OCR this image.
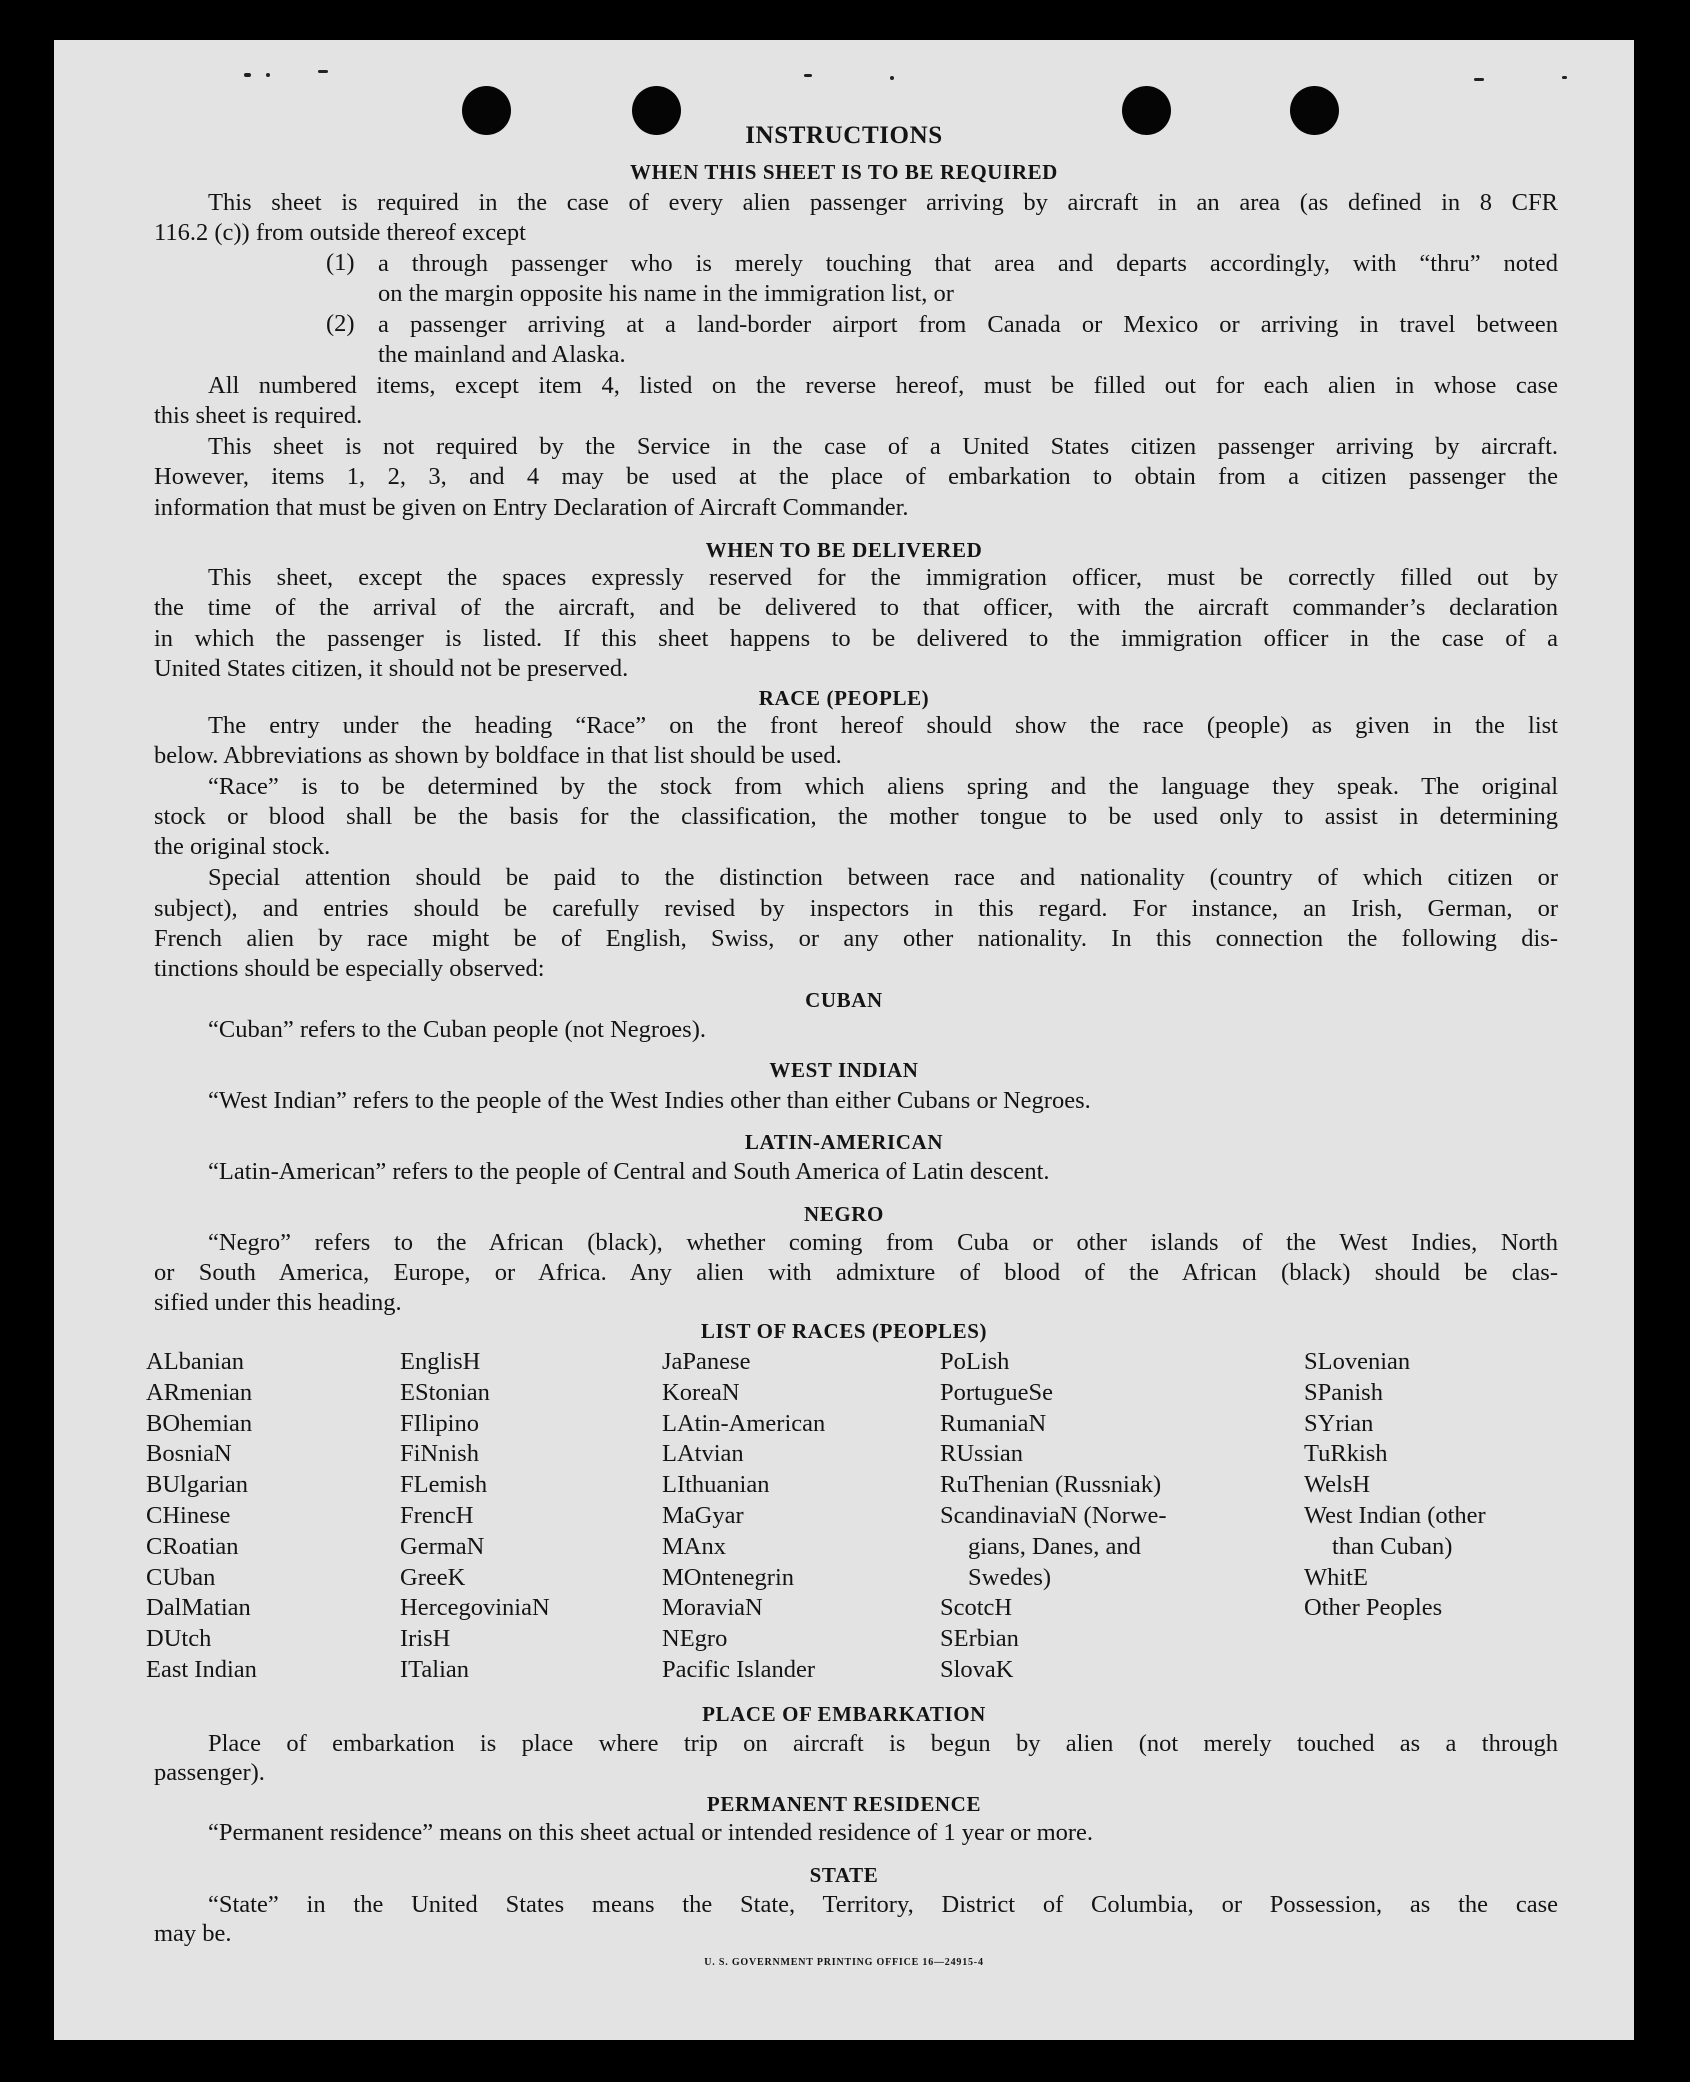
INSTRUCTIONS
WHEN THIS SHEET IS TO BE REQUIRED
This sheet is required in the case of every alien passenger arriving by aircraft in an area (as defined in 8 CFR
116.2 (c)) from outside thereof except
(1) a through passenger who is merely touching that area and departs accordingly, with “thru” noted
on the margin opposite his name in the immigration list, or
(2) a passenger arriving at a land-border airport from Canada or Mexico or arriving in travel between
the mainland and Alaska.
All numbered items, except item 4, listed on the reverse hereof, must be filled out for each alien in whose case
this sheet is required.
This sheet is not required by the Service in the case of a United States citizen passenger arriving by aircraft.
However, items 1, 2, 3, and 4 may be used at the place of embarkation to obtain from a citizen passenger the
information that must be given on Entry Declaration of Aircraft Commander.
WHEN TO BE DELIVERED
This sheet, except the spaces expressly reserved for the immigration officer, must be correctly filled out by
the time of the arrival of the aircraft, and be delivered to that officer, with the aircraft commander’s declaration
in which the passenger is listed. If this sheet happens to be delivered to the immigration officer in the case of a
United States citizen, it should not be preserved.
RACE (PEOPLE)
The entry under the heading “Race” on the front hereof should show the race (people) as given in the list
below. Abbreviations as shown by boldface in that list should be used.
“Race” is to be determined by the stock from which aliens spring and the language they speak. The original
stock or blood shall be the basis for the classification, the mother tongue to be used only to assist in determining
the original stock.
Special attention should be paid to the distinction between race and nationality (country of which citizen or
subject), and entries should be carefully revised by inspectors in this regard. For instance, an Irish, German, or
French alien by race might be of English, Swiss, or any other nationality. In this connection the following dis-
tinctions should be especially observed:
CUBAN
“Cuban” refers to the Cuban people (not Negroes).
WEST INDIAN
“West Indian” refers to the people of the West Indies other than either Cubans or Negroes.
LATIN-AMERICAN
“Latin-American” refers to the people of Central and South America of Latin descent.
NEGRO
“Negro” refers to the African (black), whether coming from Cuba or other islands of the West Indies, North
or South America, Europe, or Africa. Any alien with admixture of blood of the African (black) should be clas-
sified under this heading.
LIST OF RACES (PEOPLES)
ALbanian
ARmenian
BOhemian
BosniaN
BUlgarian
CHinese
CRoatian
CUban
DalMatian
DUtch
East Indian
EnglisH
EStonian
FIlipino
FiNnish
FLemish
FrencH
GermaN
GreeK
HercegoviniaN
IrisH
ITalian
JaPanese
KoreaN
LAtin-American
LAtvian
LIthuanian
MaGyar
MAnx
MOntenegrin
MoraviaN
NEgro
Pacific Islander
PoLish
PortugueSe
RumaniaN
RUssian
RuThenian (Russniak)
ScandinaviaN (Norwe-
gians, Danes, and
Swedes)
ScotcH
SErbian
SlovaK
SLovenian
SPanish
SYrian
TuRkish
WelsH
West Indian (other
than Cuban)
WhitE
Other Peoples
PLACE OF EMBARKATION
Place of embarkation is place where trip on aircraft is begun by alien (not merely touched as a through
passenger).
PERMANENT RESIDENCE
“Permanent residence” means on this sheet actual or intended residence of 1 year or more.
STATE
“State” in the United States means the State, Territory, District of Columbia, or Possession, as the case
may be.
U. S. GOVERNMENT PRINTING OFFICE 16—24915-4
